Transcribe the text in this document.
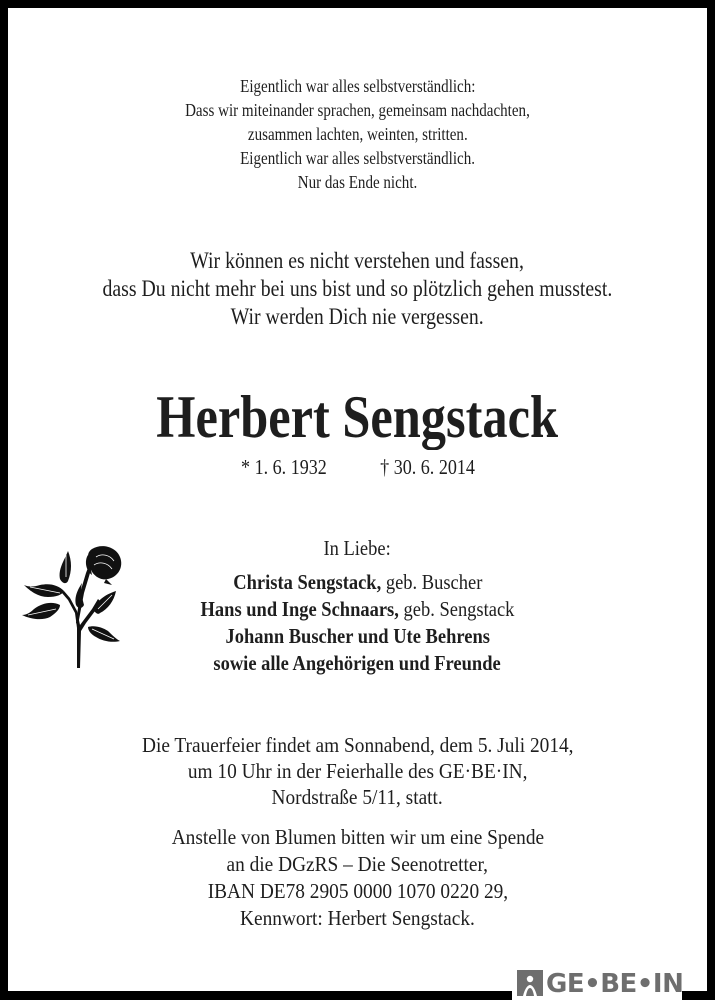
Eigentlich war alles selbstverständlich:
Dass wir miteinander sprachen, gemeinsam nachdachten,
zusammen lachten, weinten, stritten.
Eigentlich war alles selbstverständlich.
Nur das Ende nicht.
Wir können es nicht verstehen und fassen,
dass Du nicht mehr bei uns bist und so plötzlich gehen musstest.
Wir werden Dich nie vergessen.
Herbert Sengstack
* 1. 6. 1932	† 30. 6. 2014
In Liebe:
Christa Sengstack, geb. Buscher
Hans und Inge Schnaars, geb. Sengstack
Johann Buscher und Ute Behrens
sowie alle Angehörigen und Freunde
Die Trauerfeier findet am Sonnabend, dem 5. Juli 2014,
um 10 Uhr in der Feierhalle des GE·BE·IN,
Nordstraße 5/11, statt.
Anstelle von Blumen bitten wir um eine Spende
an die DGzRS – Die Seenotretter,
IBAN DE78 2905 0000 1070 0220 29,
Kennwort: Herbert Sengstack.
GE•BE•IN
